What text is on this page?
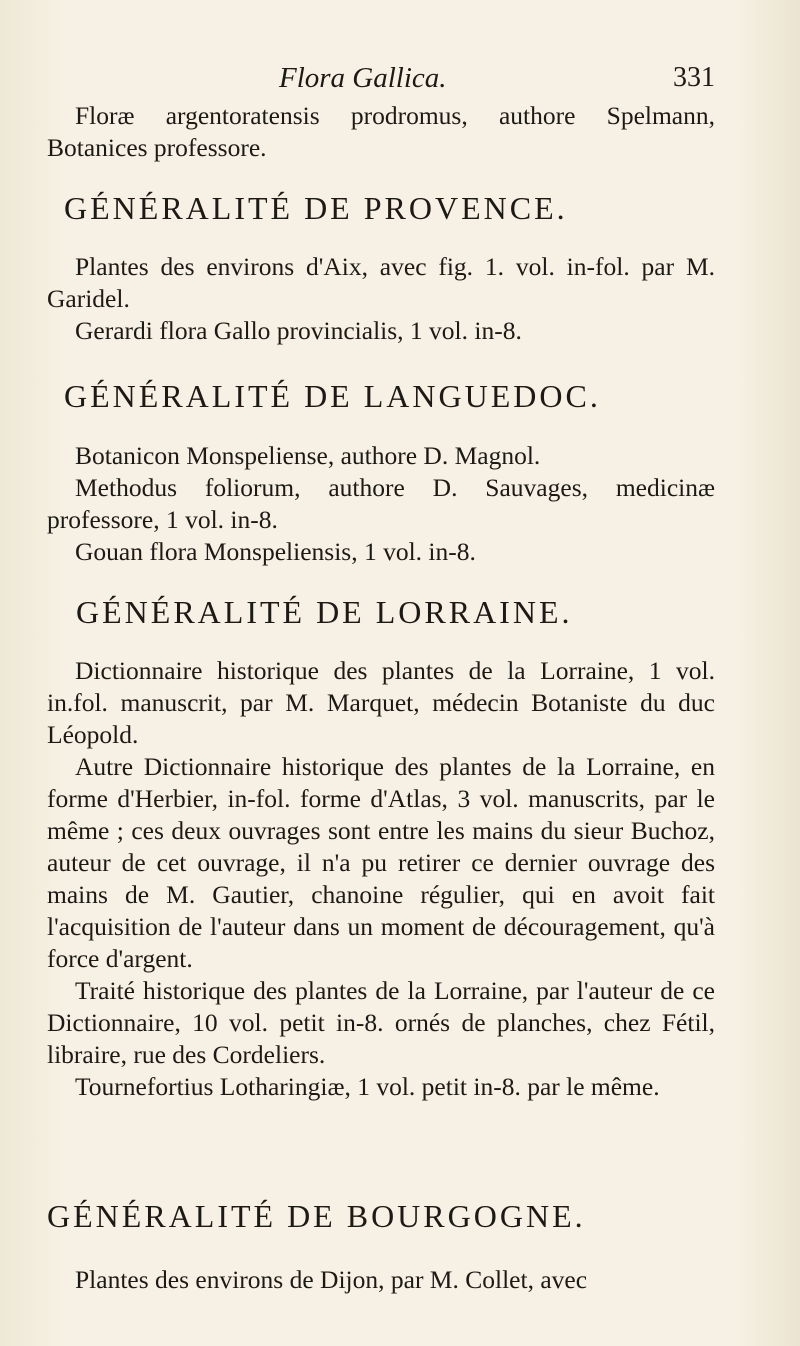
Flora Gallica.	331

Floræ argentoratensis prodromus, authore Spelmann, Botanices professore.

GÉNÉRALITÉ DE PROVENCE.

Plantes des environs d'Aix, avec fig. 1. vol. in-fol. par M. Garidel.

Gerardi flora Gallo provincialis, 1 vol. in-8.

GÉNÉRALITÉ DE LANGUEDOC.

Botanicon Monspeliense, authore D. Magnol.

Methodus foliorum, authore D. Sauvages, medicinæ professore, 1 vol. in-8.

Gouan flora Monspeliensis, 1 vol. in-8.

GÉNÉRALITÉ DE LORRAINE.

Dictionnaire historique des plantes de la Lorraine, 1 vol. in.fol. manuscrit, par M. Marquet, médecin Botaniste du duc Léopold.

Autre Dictionnaire historique des plantes de la Lorraine, en forme d'Herbier, in-fol. forme d'Atlas, 3 vol. manuscrits, par le même ; ces deux ouvrages sont entre les mains du sieur Buchoz, auteur de cet ouvrage, il n'a pu retirer ce dernier ouvrage des mains de M. Gautier, chanoine régulier, qui en avoit fait l'acquisition de l'auteur dans un moment de découragement, qu'à force d'argent.

Traité historique des plantes de la Lorraine, par l'auteur de ce Dictionnaire, 10 vol. petit in-8. ornés de planches, chez Fétil, libraire, rue des Cordeliers.

Tournefortius Lotharingiæ, 1 vol. petit in-8. par le même.

GÉNÉRALITÉ DE BOURGOGNE.

Plantes des environs de Dijon, par M. Collet, avec
